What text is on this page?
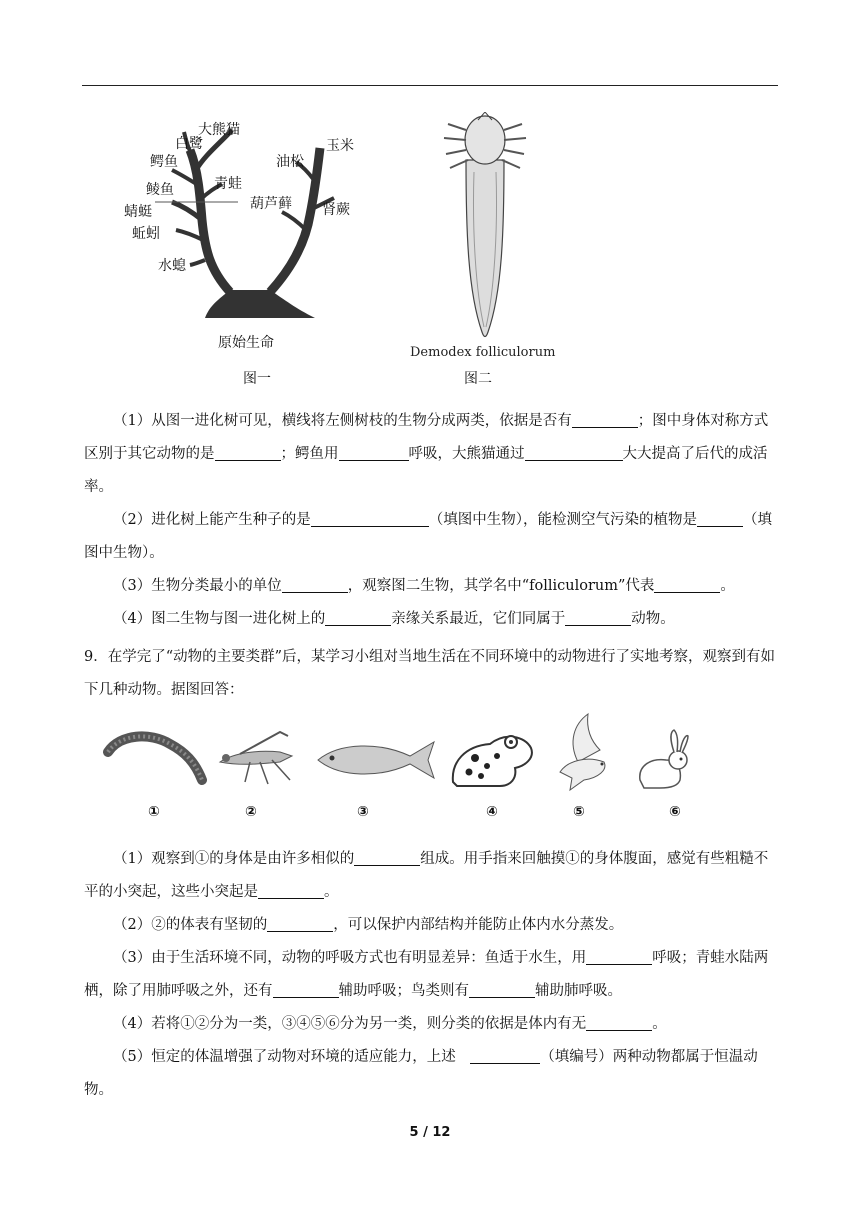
大熊猫
白鹭
鳄鱼
青蛙
鲮鱼
蜻蜓
蚯蚓
水螅
原始生命
玉米
油松
葫芦藓 肾蕨
图一
Demodex folliculorum
图二

（1）从图一进化树可见，横线将左侧树枝的生物分成两类，依据是否有	；图中身体对称方式区别于其它动物的是	；鳄鱼用	呼吸，大熊猫通过	大大提高了后代的成活率。

（2）进化树上能产生种子的是	（填图中生物），能检测空气污染的植物是	（填图中生物）。

（3）生物分类最小的单位	，观察图二生物，其学名中“folliculorum”代表	。

（4）图二生物与图一进化树上的	亲缘关系最近，它们同属于	动物。

9．在学完了“动物的主要类群”后，某学习小组对当地生活在不同环境中的动物进行了实地考察，观察到有如下几种动物。据图回答：

①	②	③	④	⑤	⑥

（1）观察到①的身体是由许多相似的	组成。用手指来回触摸①的身体腹面，感觉有些粗糙不平的小突起，这些小突起是	。

（2）②的体表有坚韧的	，可以保护内部结构并能防止体内水分蒸发。

（3）由于生活环境不同，动物的呼吸方式也有明显差异：鱼适于水生，用	呼吸；青蛙水陆两栖，除了用肺呼吸之外，还有	辅助呼吸；鸟类则有	辅助肺呼吸。

（4）若将①②分为一类，③④⑤⑥分为另一类，则分类的依据是体内有无	。

（5）恒定的体温增强了动物对环境的适应能力，上述　	（填编号）两种动物都属于恒温动物。

5 / 12
